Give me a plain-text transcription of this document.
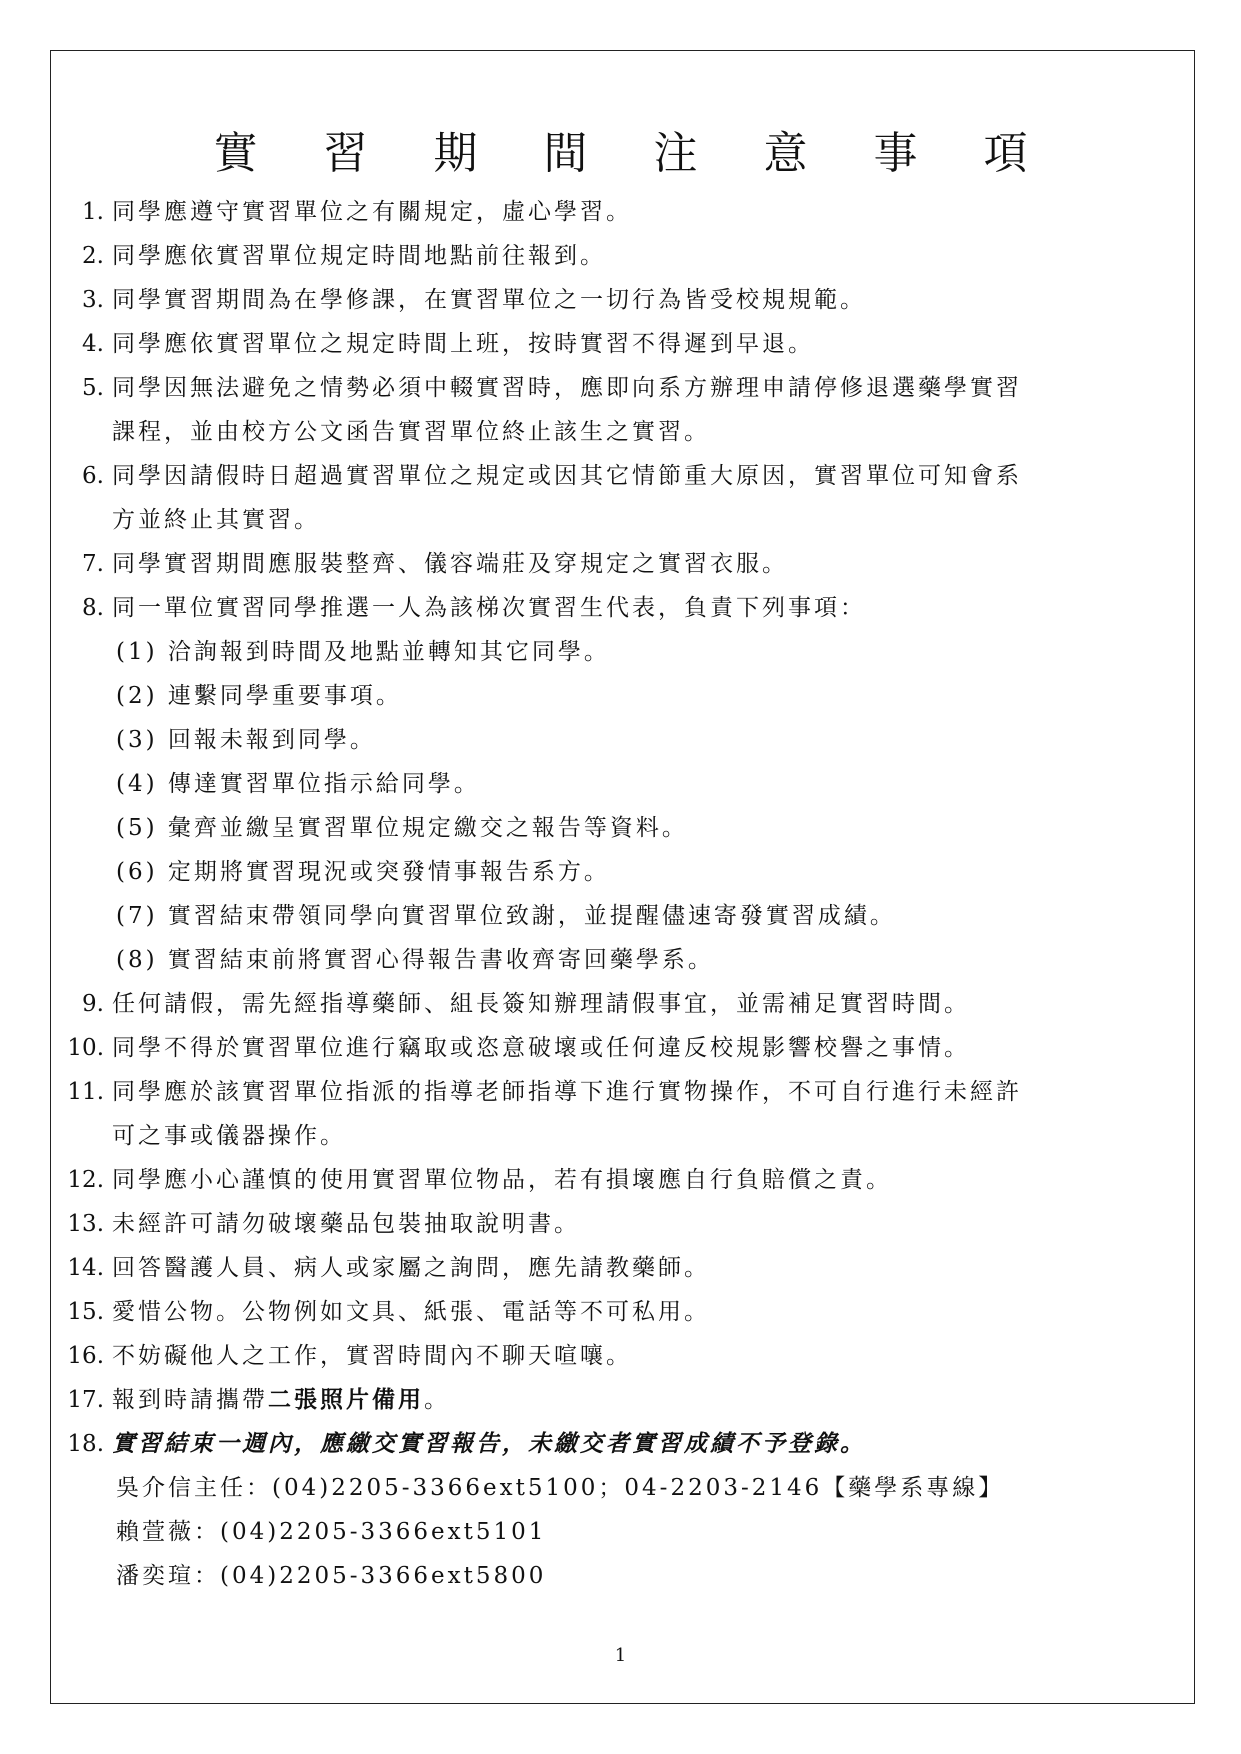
實 習 期 間 注 意 事 項
1. 同學應遵守實習單位之有關規定，虛心學習。
2. 同學應依實習單位規定時間地點前往報到。
3. 同學實習期間為在學修課，在實習單位之一切行為皆受校規規範。
4. 同學應依實習單位之規定時間上班，按時實習不得遲到早退。
5. 同學因無法避免之情勢必須中輟實習時，應即向系方辦理申請停修退選藥學實習
課程，並由校方公文函告實習單位終止該生之實習。
6. 同學因請假時日超過實習單位之規定或因其它情節重大原因，實習單位可知會系
方並終止其實習。
7. 同學實習期間應服裝整齊、儀容端莊及穿規定之實習衣服。
8. 同一單位實習同學推選一人為該梯次實習生代表，負責下列事項：
(1) 洽詢報到時間及地點並轉知其它同學。
(2) 連繫同學重要事項。
(3) 回報未報到同學。
(4) 傳達實習單位指示給同學。
(5) 彙齊並繳呈實習單位規定繳交之報告等資料。
(6) 定期將實習現況或突發情事報告系方。
(7) 實習結束帶領同學向實習單位致謝，並提醒儘速寄發實習成績。
(8) 實習結束前將實習心得報告書收齊寄回藥學系。
9. 任何請假，需先經指導藥師、組長簽知辦理請假事宜，並需補足實習時間。
10. 同學不得於實習單位進行竊取或恣意破壞或任何違反校規影響校譽之事情。
11. 同學應於該實習單位指派的指導老師指導下進行實物操作，不可自行進行未經許
可之事或儀器操作。
12. 同學應小心謹慎的使用實習單位物品，若有損壞應自行負賠償之責。
13. 未經許可請勿破壞藥品包裝抽取說明書。
14. 回答醫護人員、病人或家屬之詢問，應先請教藥師。
15. 愛惜公物。公物例如文具、紙張、電話等不可私用。
16. 不妨礙他人之工作，實習時間內不聊天喧嚷。
17. 報到時請攜帶二張照片備用。
18. 實習結束一週內，應繳交實習報告，未繳交者實習成績不予登錄。
吳介信主任：(04)2205-3366ext5100；04-2203-2146【藥學系專線】
賴萱薇：(04)2205-3366ext5101
潘奕瑄：(04)2205-3366ext5800
1
